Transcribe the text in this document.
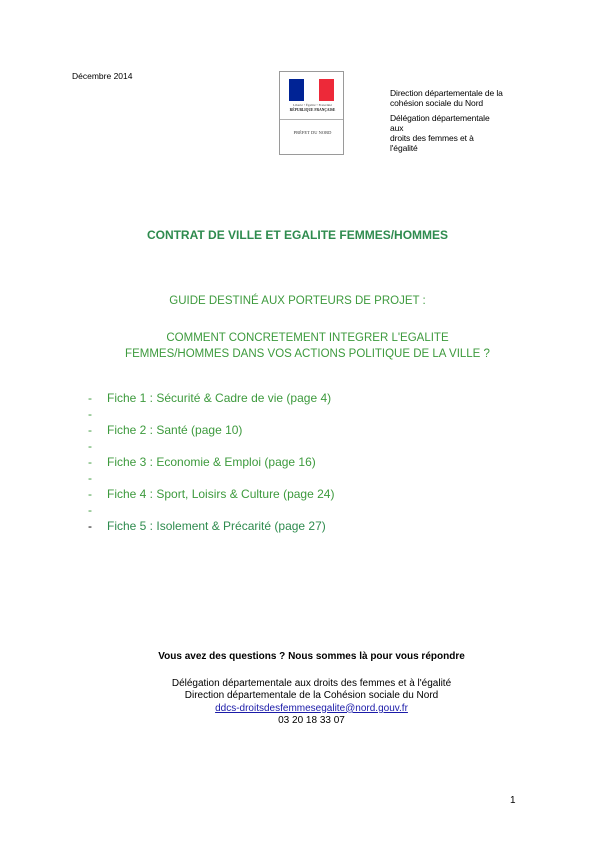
Décembre 2014
Liberté • Égalité • Fraternité
RÉPUBLIQUE FRANÇAISE
PRÉFET DU NORD

Direction départementale de la cohésion sociale du Nord

Délégation départementale
aux
droits des femmes et à
l'égalité

CONTRAT DE VILLE ET EGALITE FEMMES/HOMMES
GUIDE DESTINÉ AUX PORTEURS DE PROJET :
COMMENT CONCRETEMENT INTEGRER L'EGALITE
FEMMES/HOMMES DANS VOS ACTIONS POLITIQUE DE LA VILLE ?
- Fiche 1 : Sécurité & Cadre de vie (page 4)
-
- Fiche 2 : Santé (page 10)
-
- Fiche 3 : Economie & Emploi (page 16)
-
- Fiche 4 : Sport, Loisirs & Culture (page 24)
-
- Fiche 5 : Isolement & Précarité (page 27)
Vous avez des questions ? Nous sommes là pour vous répondre
Délégation départementale aux droits des femmes et à l'égalité
Direction départementale de la Cohésion sociale du Nord
ddcs-droitsdesfemmesegalite@nord.gouv.fr
03 20 18 33 07
1
